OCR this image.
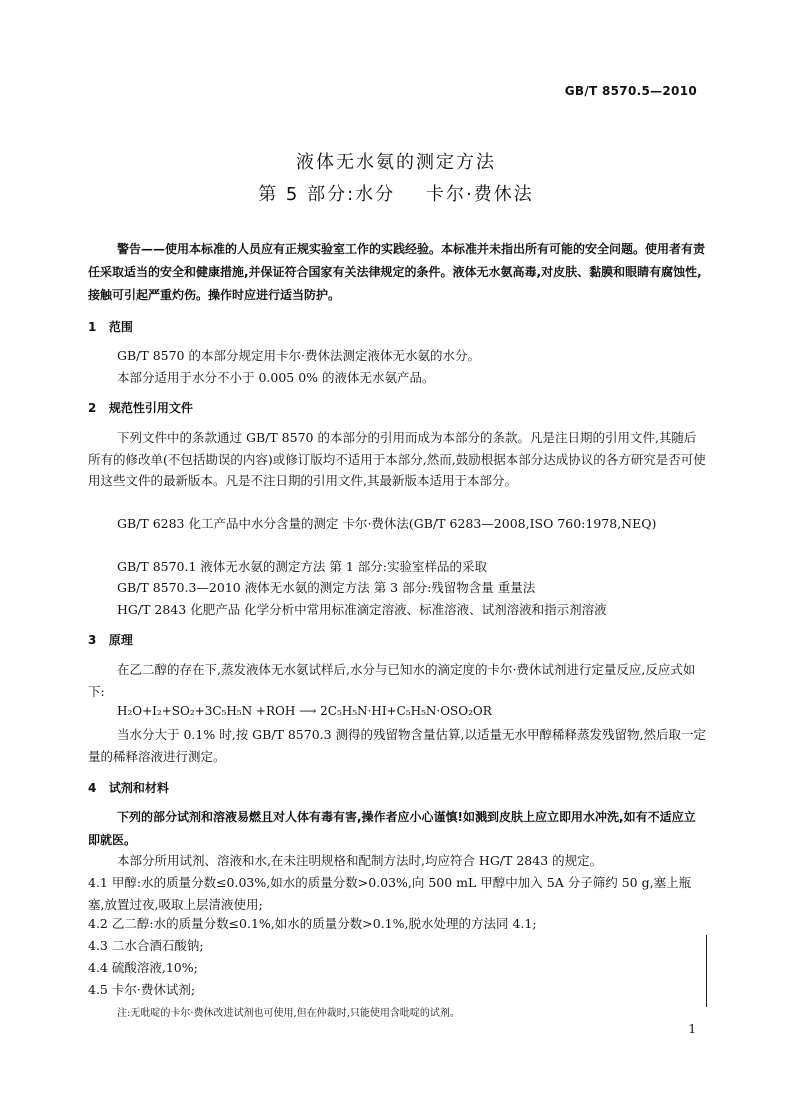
GB/T 8570.5—2010
液体无水氨的测定方法
第 5 部分:水分    卡尔·费休法
警告——使用本标准的人员应有正规实验室工作的实践经验。本标准并未指出所有可能的安全问题。使用者有责任采取适当的安全和健康措施,并保证符合国家有关法律规定的条件。液体无水氨高毒,对皮肤、黏膜和眼睛有腐蚀性,接触可引起严重灼伤。操作时应进行适当防护。
1   范围
GB/T 8570 的本部分规定用卡尔·费休法测定液体无水氨的水分。
本部分适用于水分不小于 0.005 0% 的液体无水氨产品。
2   规范性引用文件
下列文件中的条款通过 GB/T 8570 的本部分的引用而成为本部分的条款。凡是注日期的引用文件,其随后所有的修改单(不包括勘误的内容)或修订版均不适用于本部分,然而,鼓励根据本部分达成协议的各方研究是否可使用这些文件的最新版本。凡是不注日期的引用文件,其最新版本适用于本部分。
GB/T 6283 化工产品中水分含量的测定 卡尔·费休法(GB/T 6283—2008,ISO 760:1978,NEQ)
GB/T 8570.1 液体无水氨的测定方法 第 1 部分:实验室样品的采取
GB/T 8570.3—2010 液体无水氨的测定方法 第 3 部分:残留物含量 重量法
HG/T 2843 化肥产品 化学分析中常用标准滴定溶液、标准溶液、试剂溶液和指示剂溶液
3   原理
在乙二醇的存在下,蒸发液体无水氨试样后,水分与已知水的滴定度的卡尔·费休试剂进行定量反应,反应式如下:
H₂O+I₂+SO₂+3C₅H₅N +ROH ⟶ 2C₅H₅N·HI+C₅H₅N·OSO₂OR
当水分大于 0.1% 时,按 GB/T 8570.3 测得的残留物含量估算,以适量无水甲醇稀释蒸发残留物,然后取一定量的稀释溶液进行测定。
4   试剂和材料
下列的部分试剂和溶液易燃且对人体有毒有害,操作者应小心谨慎!如溅到皮肤上应立即用水冲洗,如有不适应立即就医。
本部分所用试剂、溶液和水,在未注明规格和配制方法时,均应符合 HG/T 2843 的规定。
4.1 甲醇:水的质量分数≤0.03%,如水的质量分数>0.03%,向 500 mL 甲醇中加入 5A 分子筛约 50 g,塞上瓶塞,放置过夜,吸取上层清液使用;
4.2 乙二醇:水的质量分数≤0.1%,如水的质量分数>0.1%,脱水处理的方法同 4.1;
4.3 二水合酒石酸钠;
4.4 硫酸溶液,10%;
4.5 卡尔·费休试剂;
注:无吡啶的卡尔·费休改进试剂也可使用,但在仲裁时,只能使用含吡啶的试剂。
1
